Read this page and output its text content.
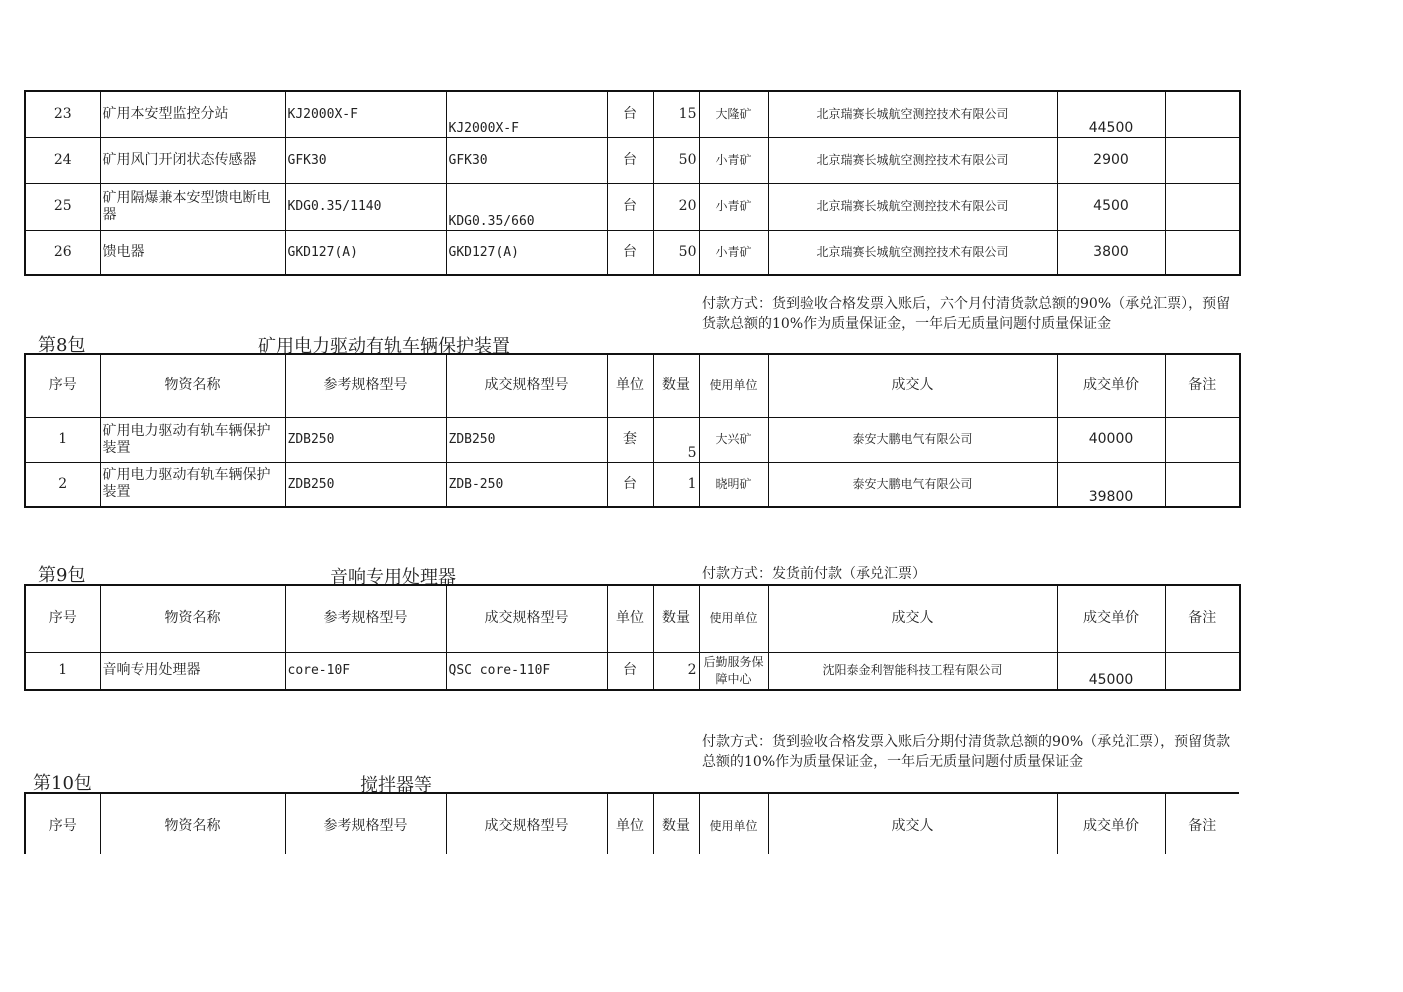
23	矿用本安型监控分站	KJ2000X-F	KJ2000X-F	台	15	大隆矿	北京瑞赛长城航空测控技术有限公司	44500	
24	矿用风门开闭状态传感器	GFK30	GFK30	台	50	小青矿	北京瑞赛长城航空测控技术有限公司	2900	
25	矿用隔爆兼本安型馈电断电器	KDG0.35/1140	KDG0.35/660	台	20	小青矿	北京瑞赛长城航空测控技术有限公司	4500	
26	馈电器	GKD127(A)	GKD127(A)	台	50	小青矿	北京瑞赛长城航空测控技术有限公司	3800	
第8包	矿用电力驱动有轨车辆保护装置
付款方式：货到验收合格发票入账后，六个月付清货款总额的90%（承兑汇票），预留货款总额的10%作为质量保证金，一年后无质量问题付质量保证金
序号	物资名称	参考规格型号	成交规格型号	单位	数量	使用单位	成交人	成交单价	备注
1	矿用电力驱动有轨车辆保护装置	ZDB250	ZDB250	套	5	大兴矿	泰安大鹏电气有限公司	40000	
2	矿用电力驱动有轨车辆保护装置	ZDB250	ZDB-250	台	1	晓明矿	泰安大鹏电气有限公司	39800	
第9包	音响专用处理器	付款方式：发货前付款（承兑汇票）
序号	物资名称	参考规格型号	成交规格型号	单位	数量	使用单位	成交人	成交单价	备注
1	音响专用处理器	core-10F	QSC core-110F	台	2	后勤服务保障中心	沈阳泰金利智能科技工程有限公司	45000	
第10包	搅拌器等
付款方式：货到验收合格发票入账后分期付清货款总额的90%（承兑汇票），预留货款总额的10%作为质量保证金，一年后无质量问题付质量保证金
序号	物资名称	参考规格型号	成交规格型号	单位	数量	使用单位	成交人	成交单价	备注
